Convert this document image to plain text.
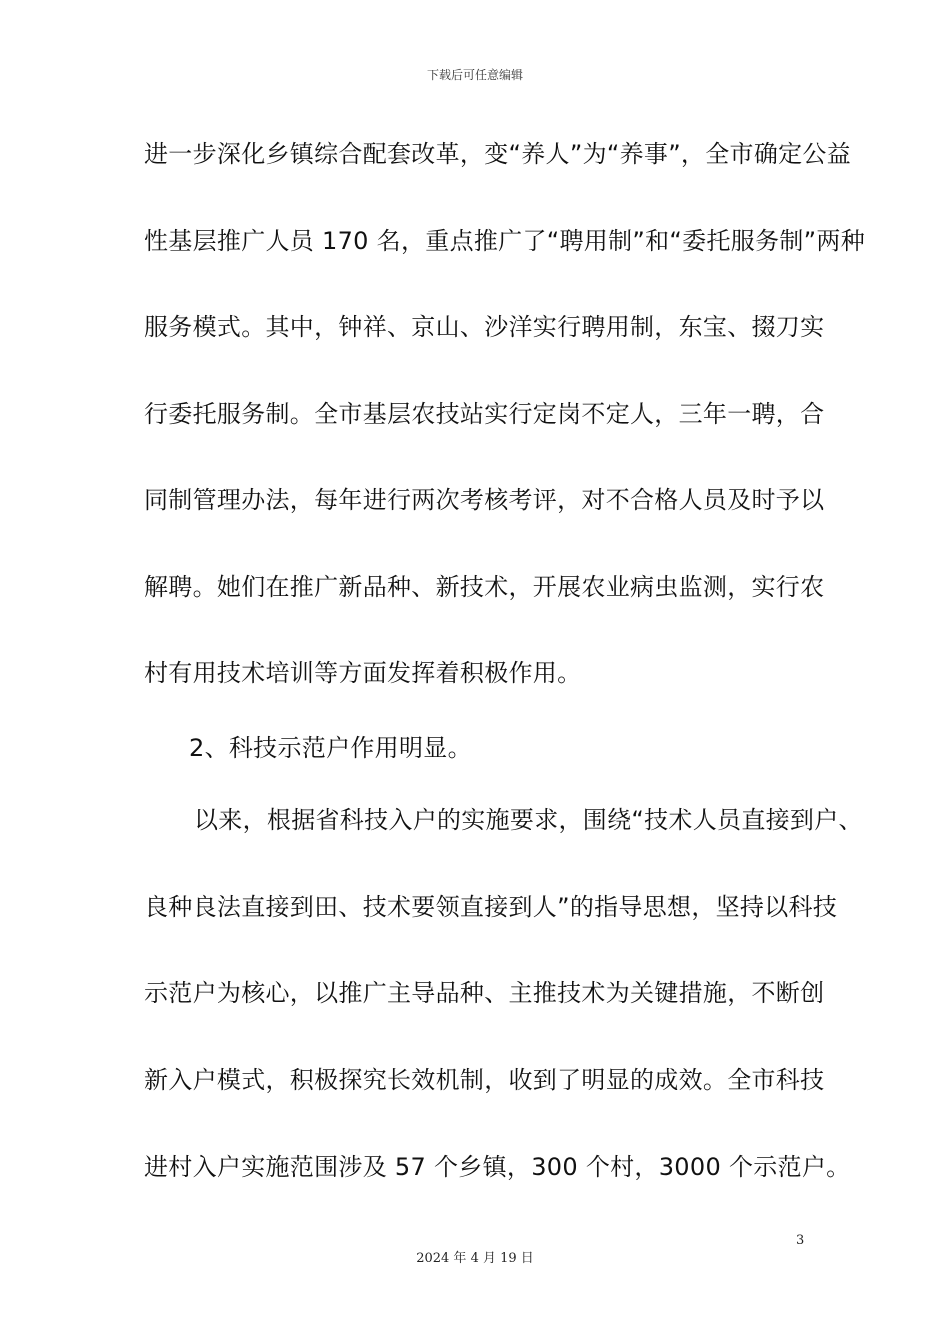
下载后可任意编辑
进一步深化乡镇综合配套改革，变“养人”为“养事”，全市确定公益
性基层推广人员 170 名，重点推广了“聘用制”和“委托服务制”两种
服务模式。其中，钟祥、京山、沙洋实行聘用制，东宝、掇刀实
行委托服务制。全市基层农技站实行定岗不定人，三年一聘，合
同制管理办法，每年进行两次考核考评，对不合格人员及时予以
解聘。她们在推广新品种、新技术，开展农业病虫监测，实行农
村有用技术培训等方面发挥着积极作用。
2、科技示范户作用明显。
以来，根据省科技入户的实施要求，围绕“技术人员直接到户、
良种良法直接到田、技术要领直接到人”的指导思想，坚持以科技
示范户为核心，以推广主导品种、主推技术为关键措施，不断创
新入户模式，积极探究长效机制，收到了明显的成效。全市科技
进村入户实施范围涉及 57 个乡镇，300 个村，3000 个示范户。
3
2024 年 4 月 19 日
